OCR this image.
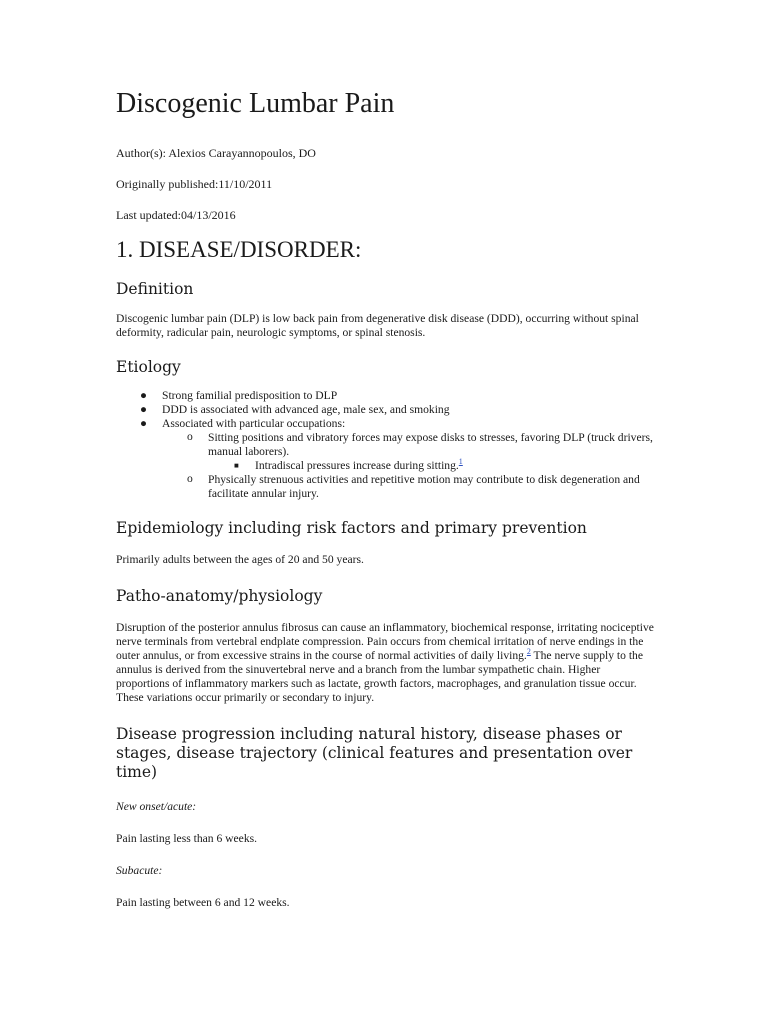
Discogenic Lumbar Pain

Author(s): Alexios Carayannopoulos, DO

Originally published:11/10/2011

Last updated:04/13/2016

1. DISEASE/DISORDER:
Definition

Discogenic lumbar pain (DLP) is low back pain from degenerative disk disease (DDD), occurring without spinal deformity, radicular pain, neurologic symptoms, or spinal stenosis.

Etiology
● Strong familial predisposition to DLP
● DDD is associated with advanced age, male sex, and smoking
● Associated with particular occupations:
o Sitting positions and vibratory forces may expose disks to stresses, favoring DLP (truck drivers, manual laborers).
■ Intradiscal pressures increase during sitting.$^1$
o Physically strenuous activities and repetitive motion may contribute to disk degeneration and facilitate annular injury.
Epidemiology including risk factors and primary prevention

Primarily adults between the ages of 20 and 50 years.

Patho-anatomy/physiology

Disruption of the posterior annulus fibrosus can cause an inflammatory, biochemical response, irritating nociceptive nerve terminals from vertebral endplate compression. Pain occurs from chemical irritation of nerve endings in the outer annulus, or from excessive strains in the course of normal activities of daily living.$^2$ The nerve supply to the annulus is derived from the sinuvertebral nerve and a branch from the lumbar sympathetic chain. Higher proportions of inflammatory markers such as lactate, growth factors, macrophages, and granulation tissue occur. These variations occur primarily or secondary to injury.

Disease progression including natural history, disease phases or stages, disease trajectory (clinical features and presentation over time)

New onset/acute:

Pain lasting less than 6 weeks.

Subacute:

Pain lasting between 6 and 12 weeks.
